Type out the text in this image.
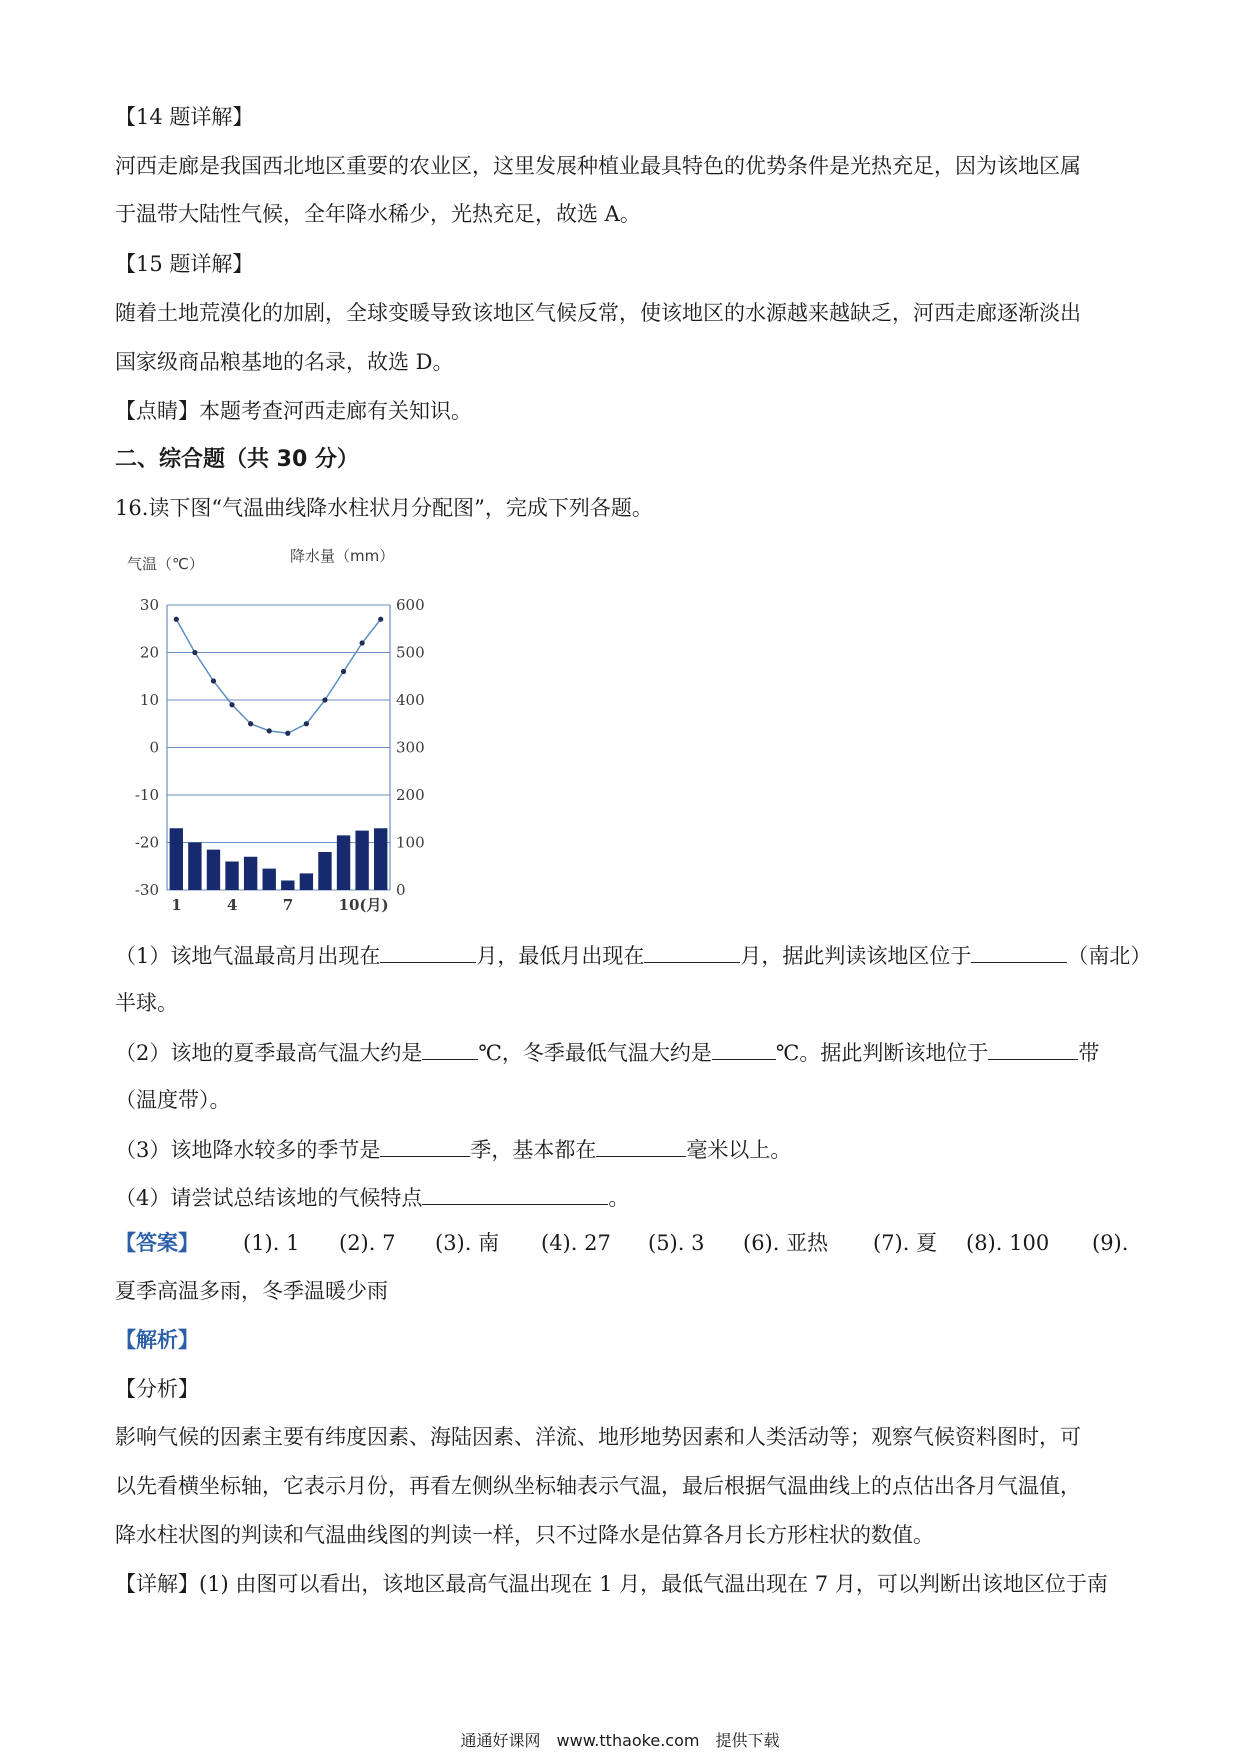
【14 题详解】
河西走廊是我国西北地区重要的农业区，这里发展种植业最具特色的优势条件是光热充足，因为该地区属
于温带大陆性气候，全年降水稀少，光热充足，故选 A。
【15 题详解】
随着土地荒漠化的加剧，全球变暖导致该地区气候反常，使该地区的水源越来越缺乏，河西走廊逐渐淡出
国家级商品粮基地的名录，故选 D。
【点睛】本题考查河西走廊有关知识。
二、综合题（共 30 分）
16.读下图“气温曲线降水柱状月分配图”，完成下列各题。
气温（℃）	降水量（mm）
30
20
10
0
-10
-20
-30
600
500
400
300
200
100
0
1	4	7	10(月)
（1）该地气温最高月出现在	月，最低月出现在	月，据此判读该地区位于	（南北）
半球。
（2）该地的夏季最高气温大约是	℃，冬季最低气温大约是	℃。据此判断该地位于	带
（温度带）。
（3）该地降水较多的季节是	季，基本都在	毫米以上。
（4）请尝试总结该地的气候特点	。
【答案】 (1). 1 (2). 7 (3). 南 (4). 27 (5). 3 (6). 亚热 (7). 夏 (8). 100 (9).
夏季高温多雨，冬季温暖少雨
【解析】
【分析】
影响气候的因素主要有纬度因素、海陆因素、洋流、地形地势因素和人类活动等；观察气候资料图时，可
以先看横坐标轴，它表示月份，再看左侧纵坐标轴表示气温，最后根据气温曲线上的点估出各月气温值，
降水柱状图的判读和气温曲线图的判读一样，只不过降水是估算各月长方形柱状的数值。
【详解】(1) 由图可以看出，该地区最高气温出现在 1 月，最低气温出现在 7 月，可以判断出该地区位于南
通通好课网　www.tthaoke.com　提供下载
